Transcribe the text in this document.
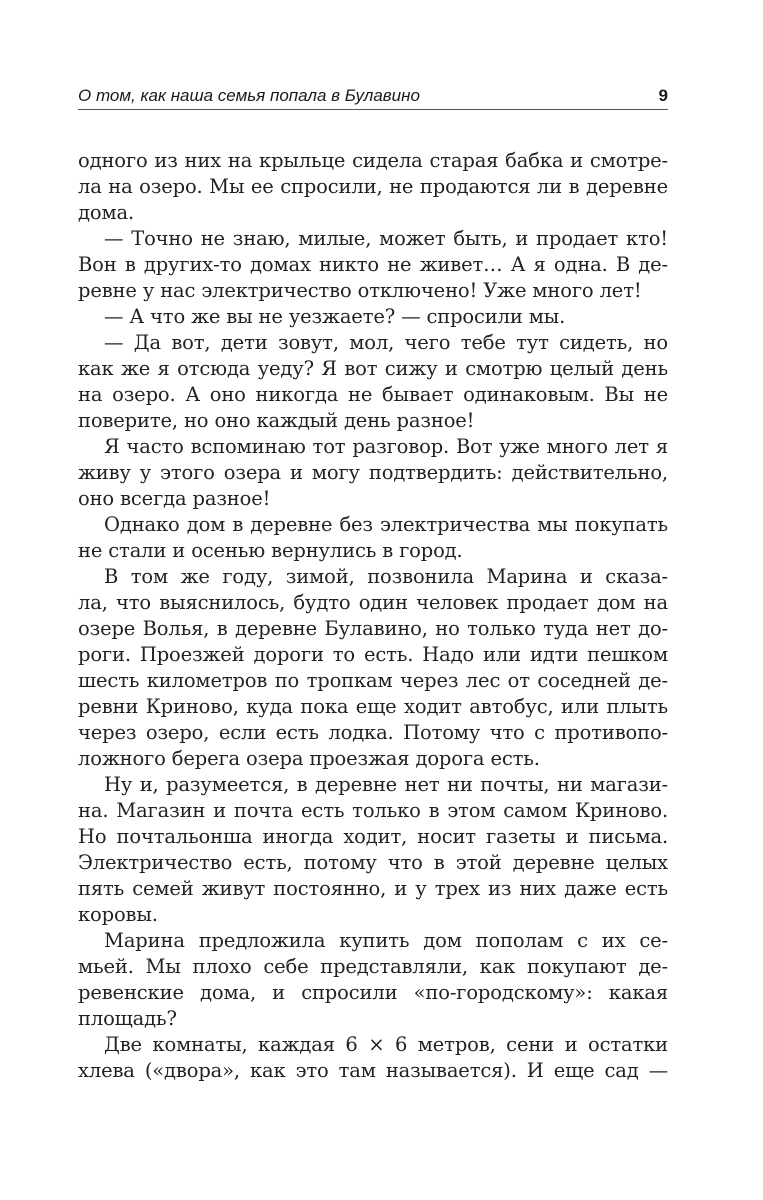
О том, как наша семья попала в Булавино	9
одного из них на крыльце сидела старая бабка и смотре-
ла на озеро. Мы ее спросили, не продаются ли в деревне
дома.
— Точно не знаю, милые, может быть, и продает кто!
Вон в других-то домах никто не живет… А я одна. В де-
ревне у нас электричество отключено! Уже много лет!
— А что же вы не уезжаете? — спросили мы.
— Да вот, дети зовут, мол, чего тебе тут сидеть, но
как же я отсюда уеду? Я вот сижу и смотрю целый день
на озеро. А оно никогда не бывает одинаковым. Вы не
поверите, но оно каждый день разное!
Я часто вспоминаю тот разговор. Вот уже много лет я
живу у этого озера и могу подтвердить: действительно,
оно всегда разное!
Однако дом в деревне без электричества мы покупать
не стали и осенью вернулись в город.
В том же году, зимой, позвонила Марина и сказа-
ла, что выяснилось, будто один человек продает дом на
озере Волья, в деревне Булавино, но только туда нет до-
роги. Проезжей дороги то есть. Надо или идти пешком
шесть километров по тропкам через лес от соседней де-
ревни Криново, куда пока еще ходит автобус, или плыть
через озеро, если есть лодка. Потому что с противопо-
ложного берега озера проезжая дорога есть.
Ну и, разумеется, в деревне нет ни почты, ни магази-
на. Магазин и почта есть только в этом самом Криново.
Но почтальонша иногда ходит, носит газеты и письма.
Электричество есть, потому что в этой деревне целых
пять семей живут постоянно, и у трех из них даже есть
коровы.
Марина предложила купить дом пополам с их се-
мьей. Мы плохо себе представляли, как покупают де-
ревенские дома, и спросили «по-городскому»: какая
площадь?
Две комнаты, каждая 6 × 6 метров, сени и остатки
хлева («двора», как это там называется). И еще сад —
